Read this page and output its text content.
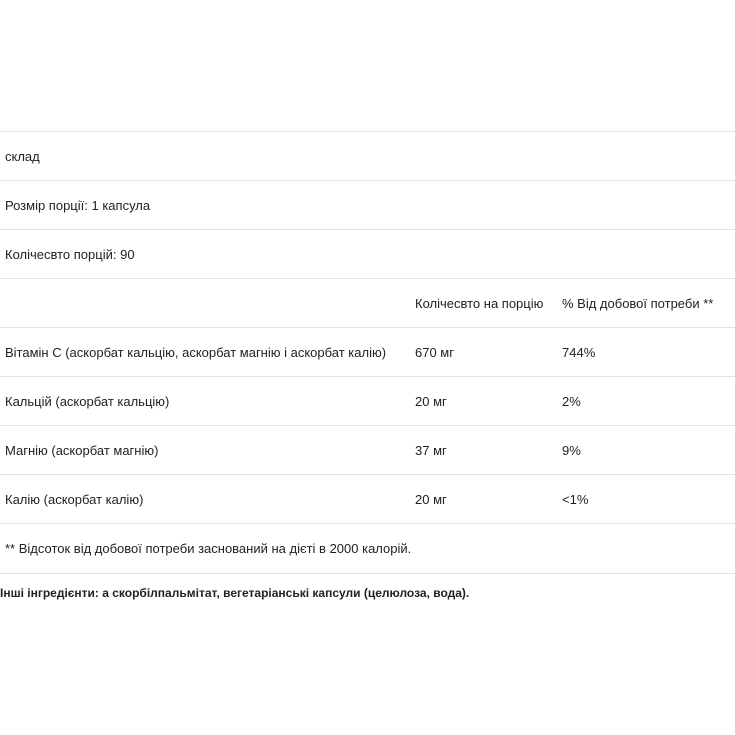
склад		
Розмір порції: 1 капсула		
Колічесвто порцій: 90		
	Колічесвто на порцію	% Від добової потреби **
Вітамін С (аскорбат кальцію, аскорбат магнію і аскорбат калію)	670 мг	744%
Кальцій (аскорбат кальцію)	20 мг	2%
Магнію (аскорбат магнію)	37 мг	9%
Калію (аскорбат калію)	20 мг	<1%
** Відсоток від добової потреби заснований на дієті в 2000 калорій.		
Інші інгредієнти: а скорбілпальмітат, вегетаріанські капсули (целюлоза, вода).
